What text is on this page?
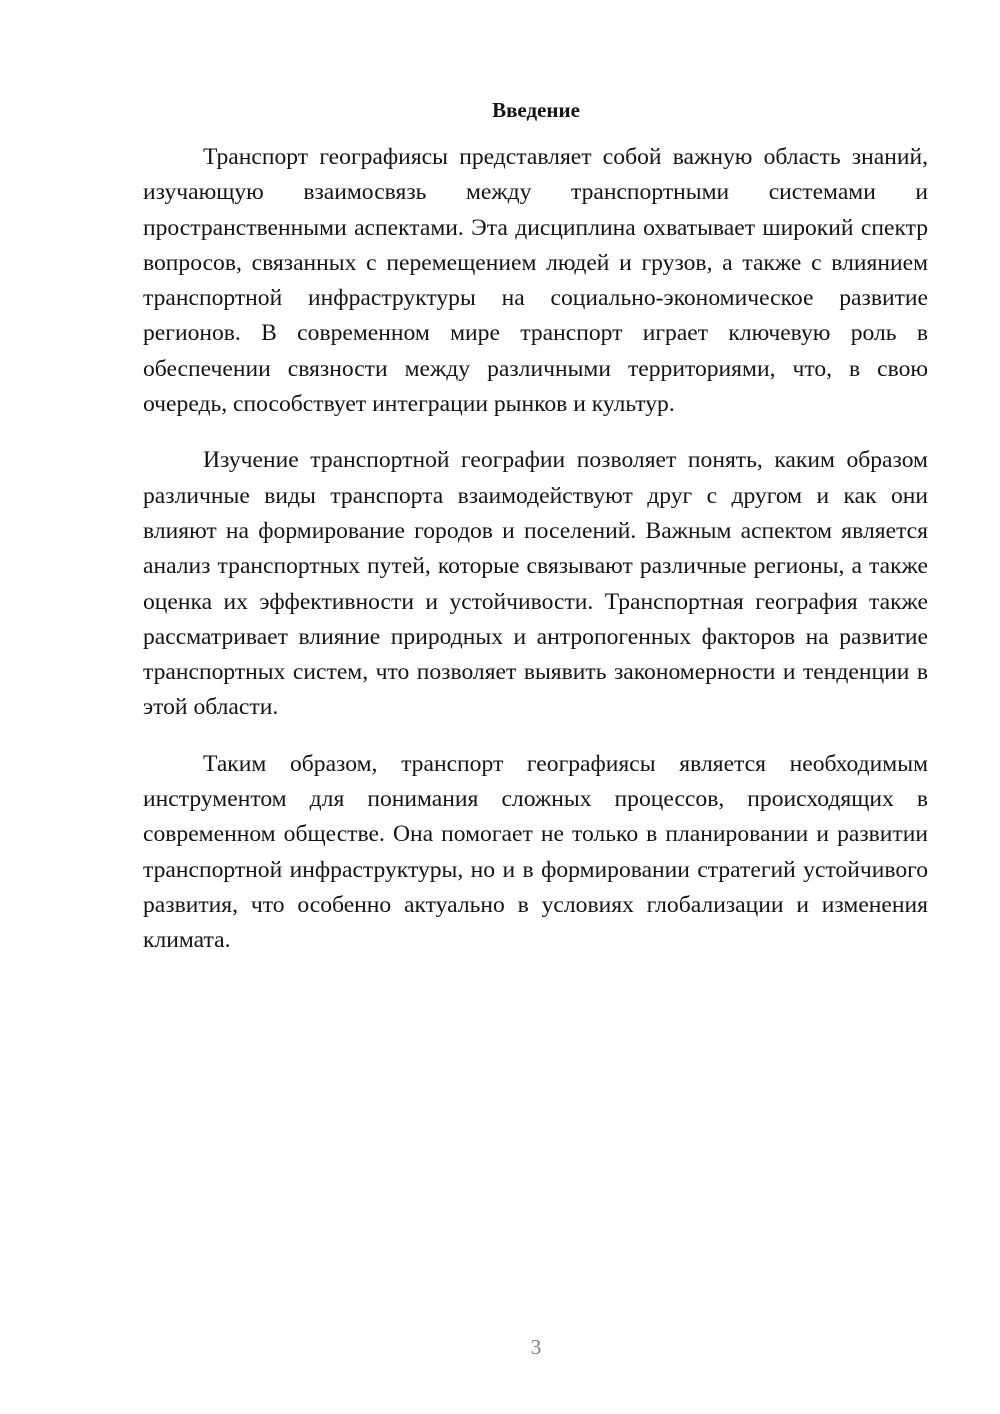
Введение

Транспорт географиясы представляет собой важную область знаний, изучающую взаимосвязь между транспортными системами и пространственными аспектами. Эта дисциплина охватывает широкий спектр вопросов, связанных с перемещением людей и грузов, а также с влиянием транспортной инфраструктуры на социально-экономическое развитие регионов. В современном мире транспорт играет ключевую роль в обеспечении связности между различными территориями, что, в свою очередь, способствует интеграции рынков и культур.

Изучение транспортной географии позволяет понять, каким образом различные виды транспорта взаимодействуют друг с другом и как они влияют на формирование городов и поселений. Важным аспектом является анализ транспортных путей, которые связывают различные регионы, а также оценка их эффективности и устойчивости. Транспортная география также рассматривает влияние природных и антропогенных факторов на развитие транспортных систем, что позволяет выявить закономерности и тенденции в этой области.

Таким образом, транспорт географиясы является необходимым инструментом для понимания сложных процессов, происходящих в современном обществе. Она помогает не только в планировании и развитии транспортной инфраструктуры, но и в формировании стратегий устойчивого развития, что особенно актуально в условиях глобализации и изменения климата.

3
